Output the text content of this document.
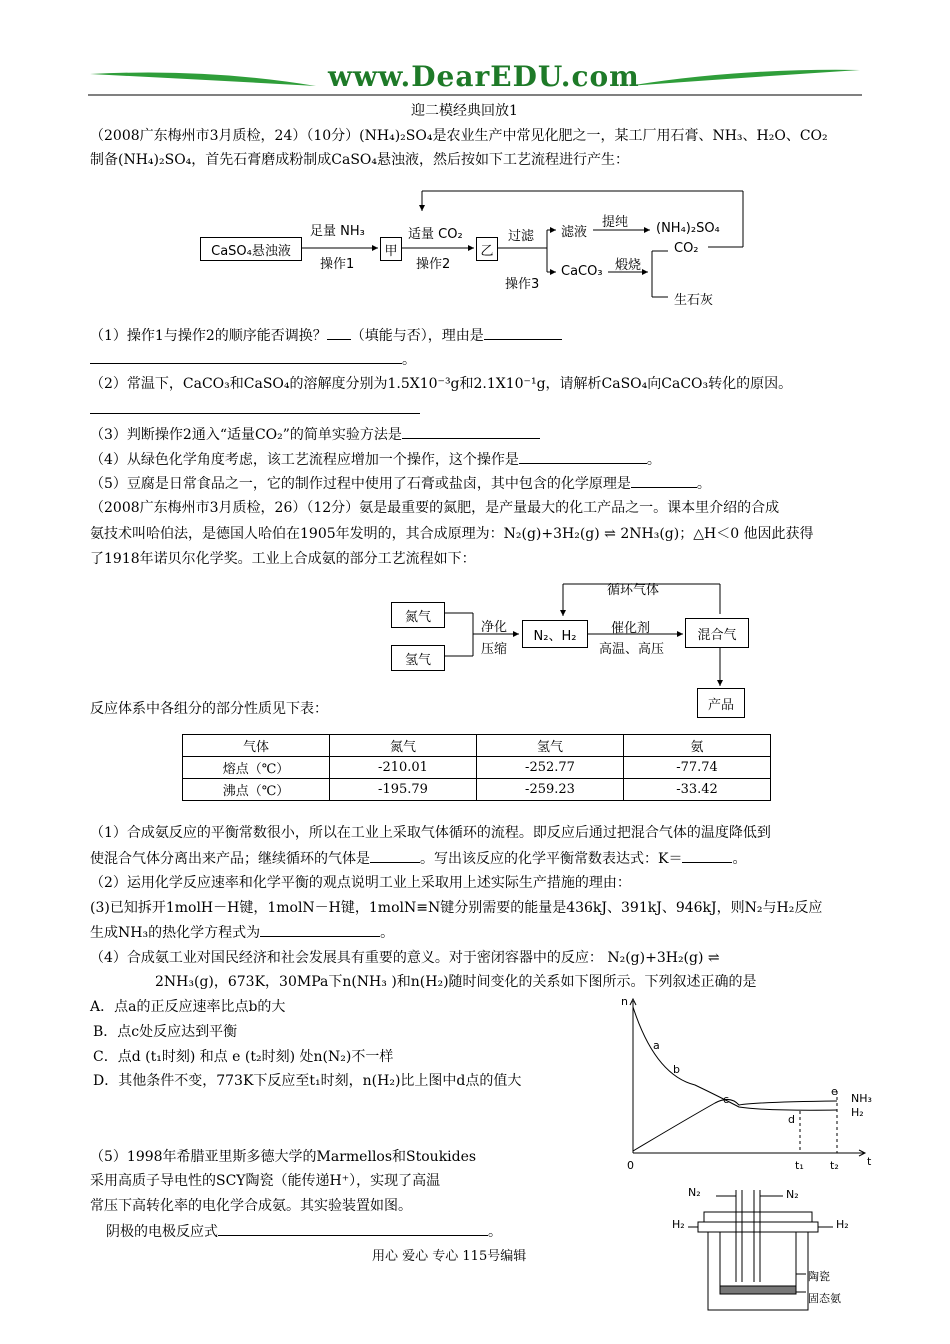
www.DearEDU.com
迎二模经典回放1
（2008广东梅州市3月质检，24）（10分）(NH₄)₂SO₄是农业生产中常见化肥之一，某工厂用石膏、NH₃、H₂O、CO₂
制备(NH₄)₂SO₄，首先石膏磨成粉制成CaSO₄悬浊液，然后按如下工艺流程进行产生：
CaSO₄悬浊液
足量 NH₃
操作1
甲
适量 CO₂
操作2
乙
过滤
操作3
滤液
提纯 (NH₄)₂SO₄
CaCO₃ 煅烧
CO₂
生石灰
（1）操作1与操作2的顺序能否调换？ （填能与否），理由是
。
（2）常温下，CaCO₃和CaSO₄的溶解度分别为1.5X10⁻³g和2.1X10⁻¹g，请解析CaSO₄向CaCO₃转化的原因。
（3）判断操作2通入“适量CO₂”的简单实验方法是
（4）从绿色化学角度考虑，该工艺流程应增加一个操作，这个操作是	。
（5）豆腐是日常食品之一，它的制作过程中使用了石膏或盐卤，其中包含的化学原理是	。
（2008广东梅州市3月质检，26）（12分）氨是最重要的氮肥，是产量最大的化工产品之一。课本里介绍的合成
氨技术叫哈伯法，是德国人哈伯在1905年发明的，其合成原理为：N₂(g)+3H₂(g) ⇌ 2NH₃(g)；△H＜0 他因此获得
了1918年诺贝尔化学奖。工业上合成氨的部分工艺流程如下：
氮气
氢气
净化
压缩
N₂、H₂	催化剂
高温、高压
混合气
循环气体
产品
反应体系中各组分的部分性质见下表：
气体	氮气	氢气	氨
熔点（℃）	-210.01	-252.77	-77.74
沸点（℃）	-195.79	-259.23	-33.42
（1）合成氨反应的平衡常数很小，所以在工业上采取气体循环的流程。即反应后通过把混合气体的温度降低到
使混合气体分离出来产品；继续循环的气体是	。写出该反应的化学平衡常数表达式：K＝	。
（2）运用化学反应速率和化学平衡的观点说明工业上采取用上述实际生产措施的理由：
(3)已知拆开1molH－H键，1molN－H键，1molN≡N键分别需要的能量是436kJ、391kJ、946kJ，则N₂与H₂反应
生成NH₃的热化学方程式为	。
（4）合成氨工业对国民经济和社会发展具有重要的意义。对于密闭容器中的反应： N₂(g)+3H₂(g) ⇌
2NH₃(g)，673K，30MPa下n(NH₃ )和n(H₂)随时间变化的关系如下图所示。下列叙述正确的是
A．点a的正反应速率比点b的大
B．点c处反应达到平衡
C．点d (t₁时刻) 和点 e (t₂时刻) 处n(N₂)不一样
D．其他条件不变，773K下反应至t₁时刻，n(H₂)比上图中d点的值大
n
t
0
a
b
c
d
e
t₁ t₂
NH₃
H₂
（5）1998年希腊亚里斯多德大学的Marmellos和Stoukides
采用高质子导电性的SCY陶瓷（能传递H⁺），实现了高温
常压下高转化率的电化学合成氨。其实验装置如图。
阴极的电极反应式	。
N₂	N₂
H₂	H₂
陶瓷
固态氨
用心 爱心 专心 115号编辑
